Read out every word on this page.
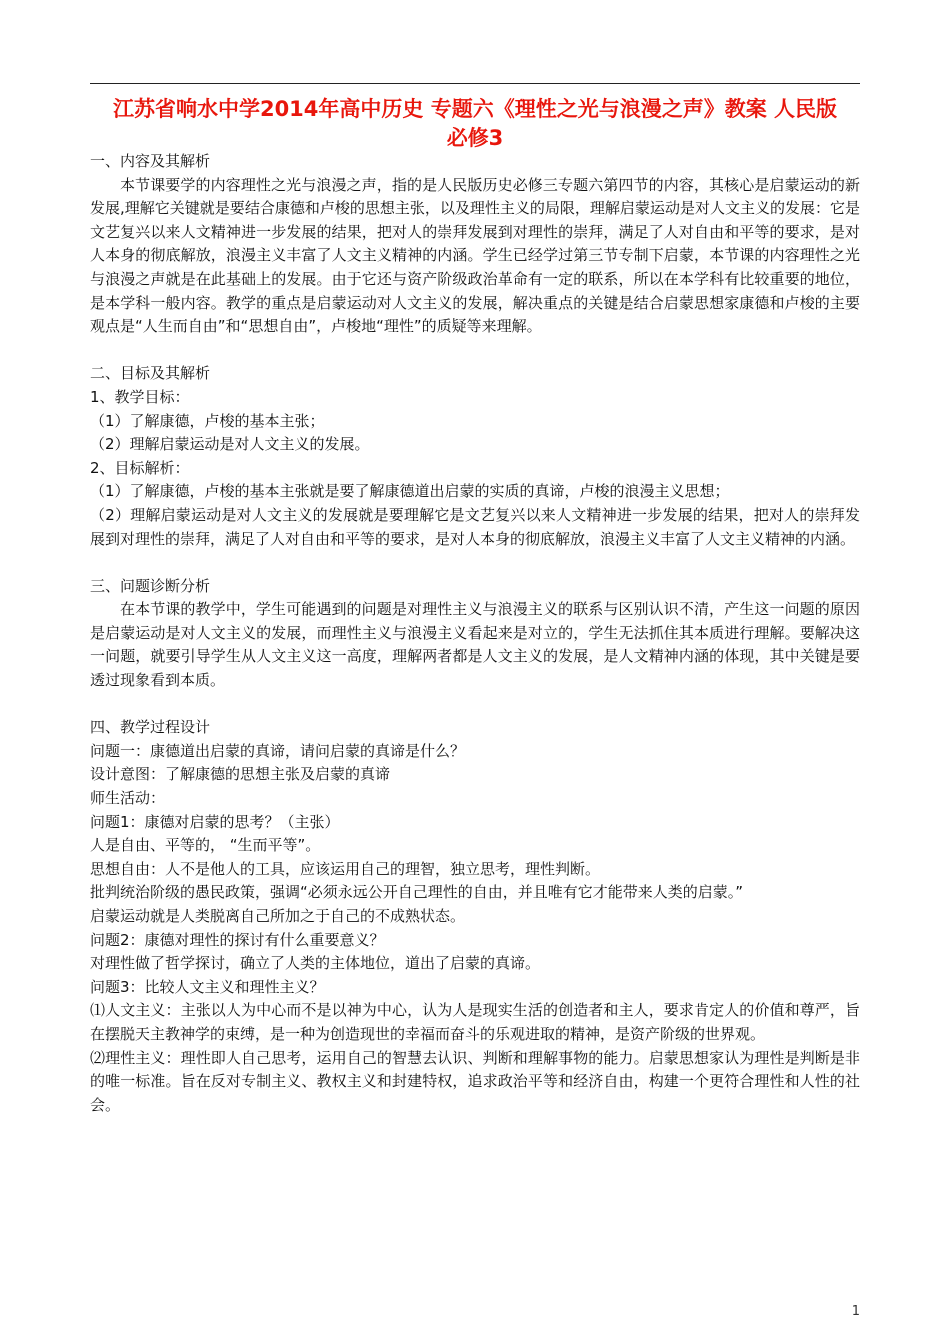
江苏省响水中学2014年高中历史 专题六《理性之光与浪漫之声》教案 人民版
必修3
一、内容及其解析

本节课要学的内容理性之光与浪漫之声，指的是人民版历史必修三专题六第四节的内容，其核心是启蒙运动的新发展,理解它关键就是要结合康德和卢梭的思想主张，以及理性主义的局限，理解启蒙运动是对人文主义的发展：它是文艺复兴以来人文精神进一步发展的结果，把对人的崇拜发展到对理性的崇拜，满足了人对自由和平等的要求，是对人本身的彻底解放，浪漫主义丰富了人文主义精神的内涵。学生已经学过第三节专制下启蒙，本节课的内容理性之光与浪漫之声就是在此基础上的发展。由于它还与资产阶级政治革命有一定的联系，所以在本学科有比较重要的地位，是本学科一般内容。教学的重点是启蒙运动对人文主义的发展，解决重点的关键是结合启蒙思想家康德和卢梭的主要观点是“人生而自由”和“思想自由”，卢梭地“理性”的质疑等来理解。

二、目标及其解析
1、教学目标：
（1）了解康德，卢梭的基本主张；
（2）理解启蒙运动是对人文主义的发展。
2、目标解析：
（1）了解康德，卢梭的基本主张就是要了解康德道出启蒙的实质的真谛，卢梭的浪漫主义思想；

（2）理解启蒙运动是对人文主义的发展就是要理解它是文艺复兴以来人文精神进一步发展的结果，把对人的崇拜发展到对理性的崇拜，满足了人对自由和平等的要求，是对人本身的彻底解放，浪漫主义丰富了人文主义精神的内涵。

三、问题诊断分析

在本节课的教学中，学生可能遇到的问题是对理性主义与浪漫主义的联系与区别认识不清，产生这一问题的原因是启蒙运动是对人文主义的发展，而理性主义与浪漫主义看起来是对立的，学生无法抓住其本质进行理解。要解决这一问题，就要引导学生从人文主义这一高度，理解两者都是人文主义的发展，是人文精神内涵的体现，其中关键是要透过现象看到本质。

四、教学过程设计
问题一：康德道出启蒙的真谛，请问启蒙的真谛是什么？
设计意图：了解康德的思想主张及启蒙的真谛
师生活动：
问题1：康德对启蒙的思考？（主张）
人是自由、平等的， “生而平等”。
思想自由：人不是他人的工具，应该运用自己的理智，独立思考，理性判断。
批判统治阶级的愚民政策，强调“必须永远公开自己理性的自由，并且唯有它才能带来人类的启蒙。”
启蒙运动就是人类脱离自己所加之于自己的不成熟状态。
问题2：康德对理性的探讨有什么重要意义？
对理性做了哲学探讨，确立了人类的主体地位，道出了启蒙的真谛。
问题3：比较人文主义和理性主义？

⑴人文主义：主张以人为中心而不是以神为中心，认为人是现实生活的创造者和主人，要求肯定人的价值和尊严，旨在摆脱天主教神学的束缚，是一种为创造现世的幸福而奋斗的乐观进取的精神，是资产阶级的世界观。

⑵理性主义：理性即人自己思考，运用自己的智慧去认识、判断和理解事物的能力。启蒙思想家认为理性是判断是非的唯一标准。旨在反对专制主义、教权主义和封建特权，追求政治平等和经济自由，构建一个更符合理性和人性的社会。

1
